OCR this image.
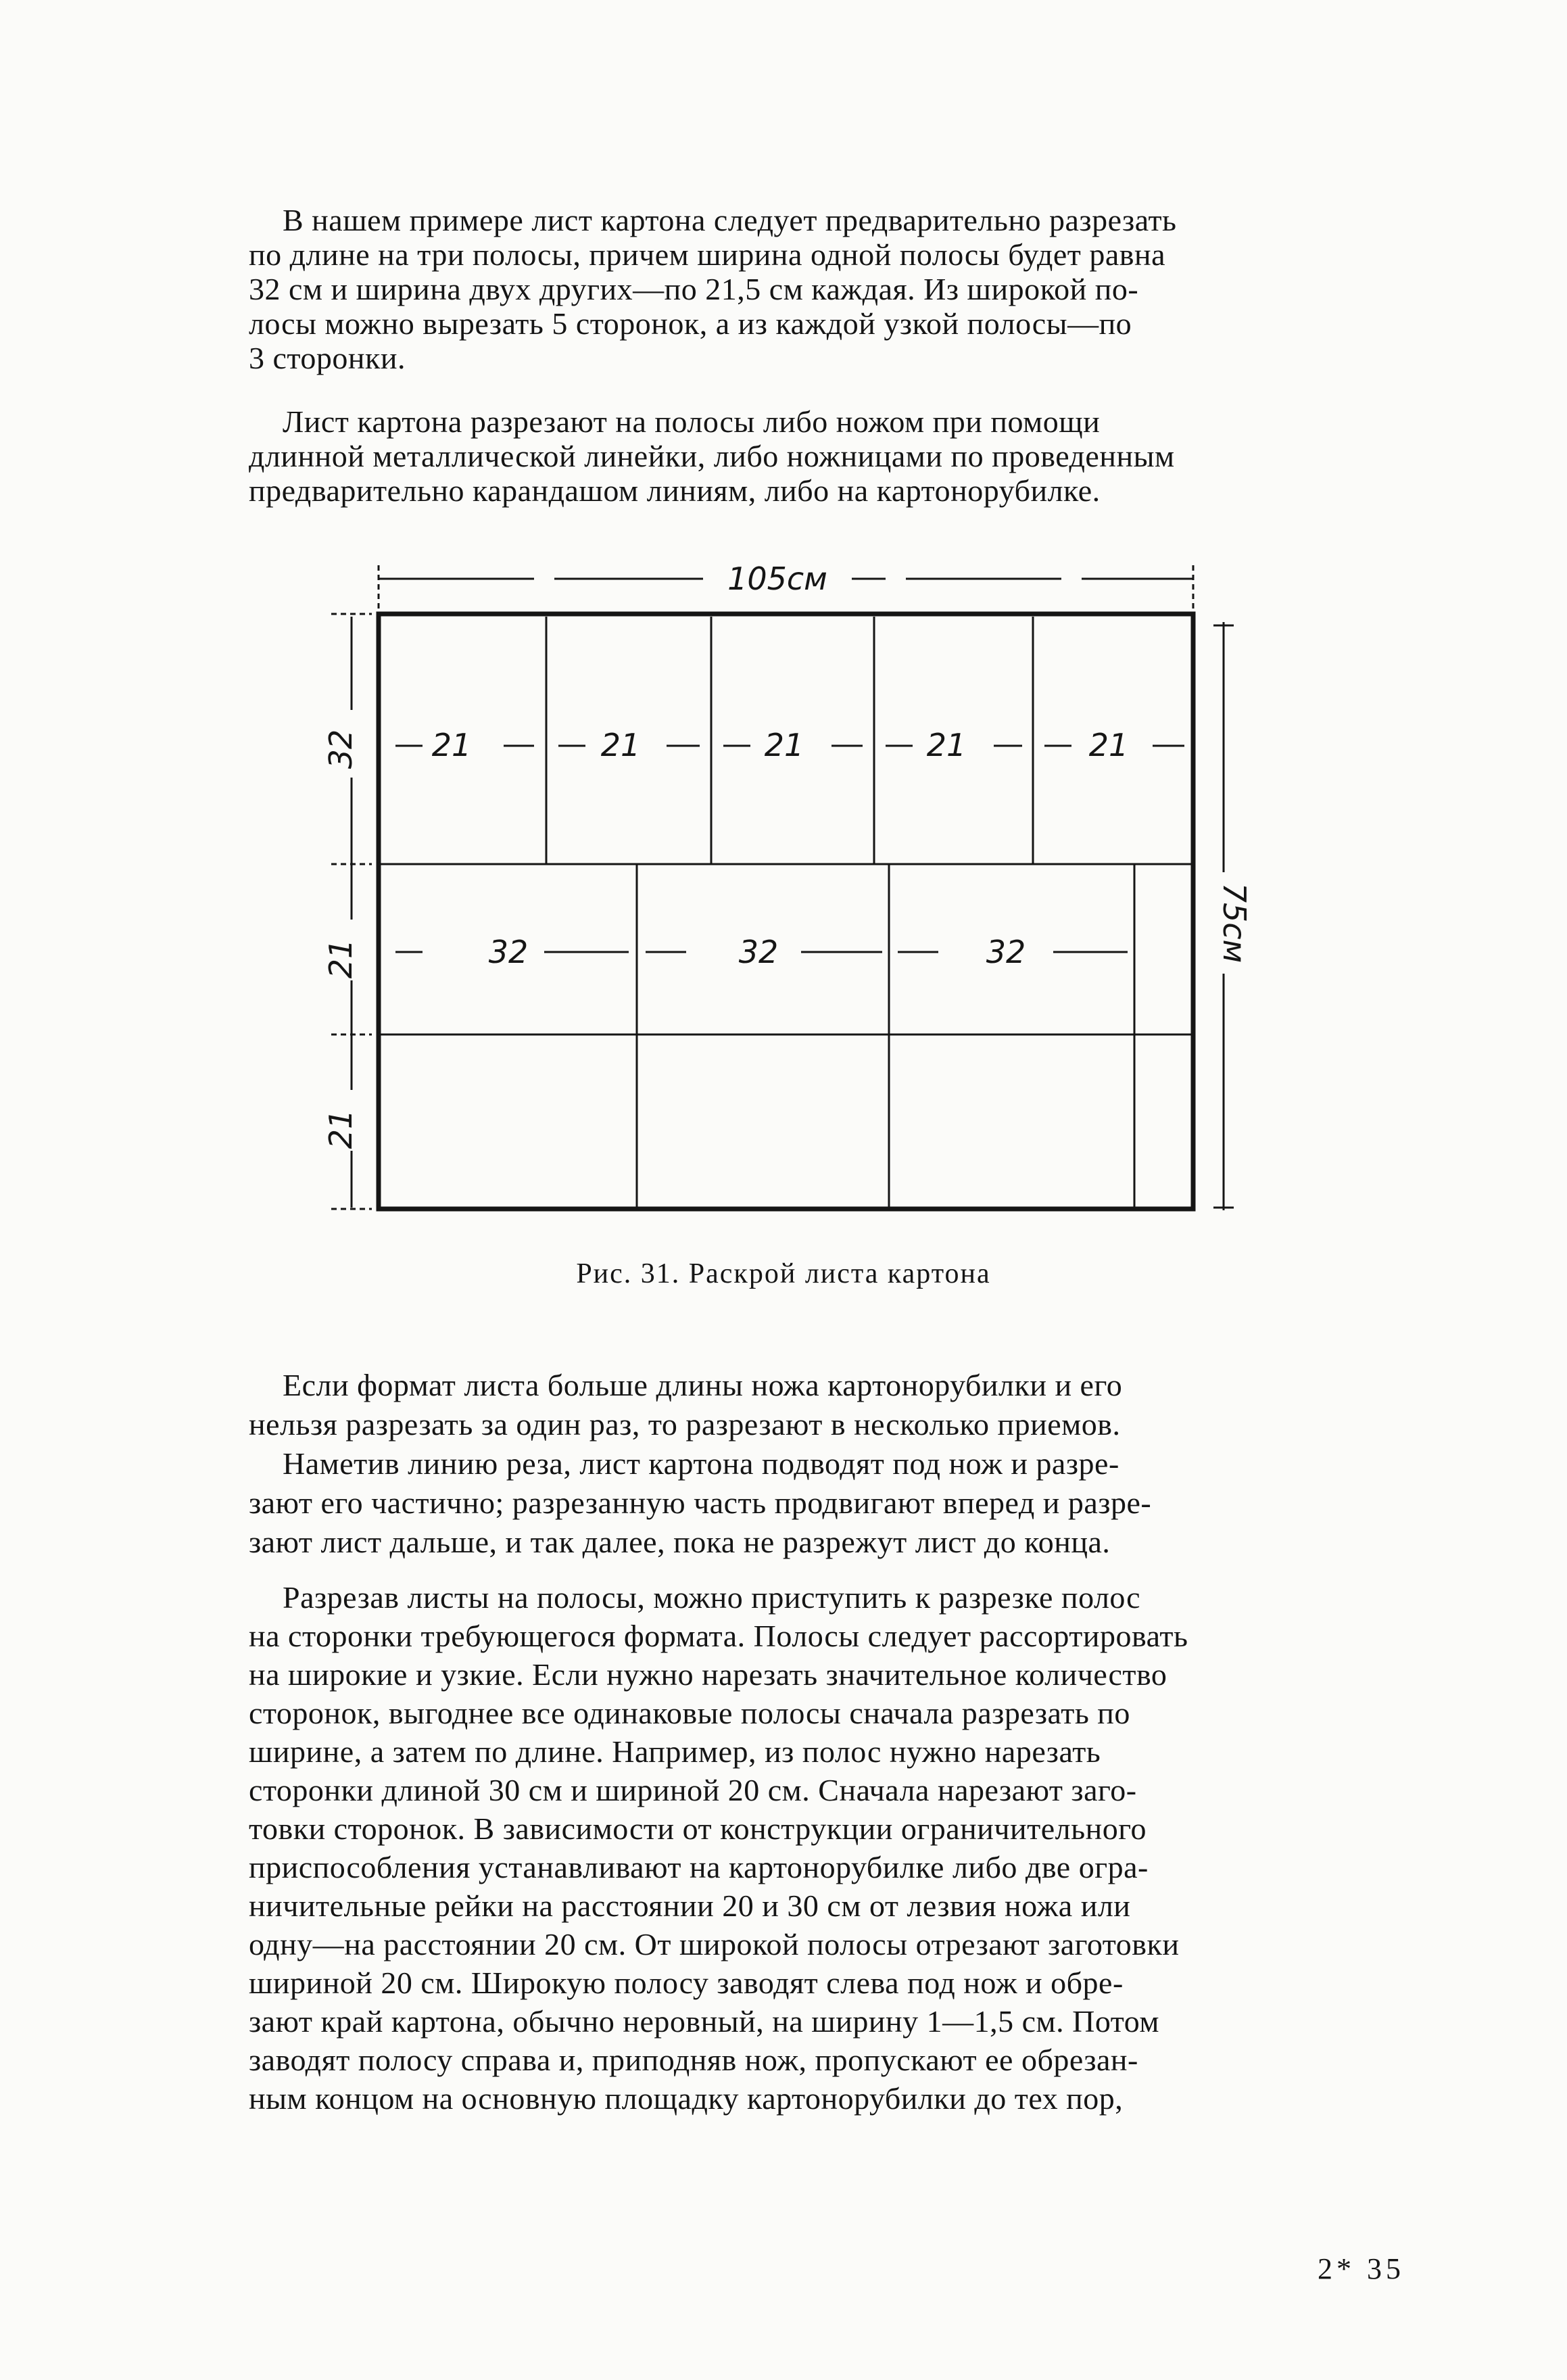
В нашем примере лист картона следует предварительно разрезать
по длине на три полосы, причем ширина одной полосы будет равна
32 см и ширина двух других—по 21,5 см каждая. Из широкой по-
лосы можно вырезать 5 сторонок, а из каждой узкой полосы—по
3 сторонки.

Лист картона разрезают на полосы либо ножом при помощи
длинной металлической линейки, либо ножницами по проведенным
предварительно карандашом линиям, либо на картонорубилке.

105см
75см
32
21
21
21	21	21	21	21
32	32	32
Рис. 31. Раскрой листа картона

Если формат листа больше длины ножа картонорубилки и его
нельзя разрезать за один раз, то разрезают в несколько приемов.
Наметив линию реза, лист картона подводят под нож и разре-
зают его частично; разрезанную часть продвигают вперед и разре-
зают лист дальше, и так далее, пока не разрежут лист до конца.

Разрезав листы на полосы, можно приступить к разрезке полос
на сторонки требующегося формата. Полосы следует рассортировать
на широкие и узкие. Если нужно нарезать значительное количество
сторонок, выгоднее все одинаковые полосы сначала разрезать по
ширине, а затем по длине. Например, из полос нужно нарезать
сторонки длиной 30 см и шириной 20 см. Сначала нарезают заго-
товки сторонок. В зависимости от конструкции ограничительного
приспособления устанавливают на картонорубилке либо две огра-
ничительные рейки на расстоянии 20 и 30 см от лезвия ножа или
одну—на расстоянии 20 см. От широкой полосы отрезают заготовки
шириной 20 см. Широкую полосу заводят слева под нож и обре-
зают край картона, обычно неровный, на ширину 1—1,5 см. Потом
заводят полосу справа и, приподняв нож, пропускают ее обрезан-
ным концом на основную площадку картонорубилки до тех пор,

2* 35
